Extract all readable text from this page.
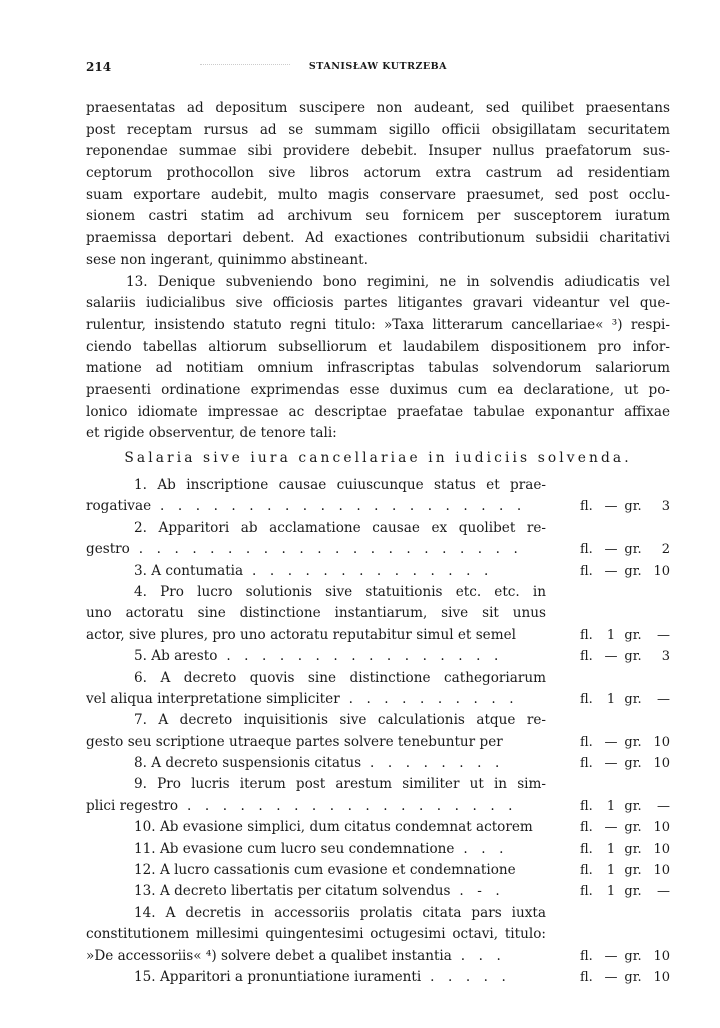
214	STANISŁAW KUTRZEBA
praesentatas ad depositum suscipere non audeant, sed quilibet praesentans
post receptam rursus ad se summam sigillo officii obsigillatam securitatem
reponendae summae sibi providere debebit. Insuper nullus praefatorum sus-
ceptorum prothocollon sive libros actorum extra castrum ad residentiam
suam exportare audebit, multo magis conservare praesumet, sed post occlu-
sionem castri statim ad archivum seu fornicem per susceptorem iuratum
praemissa deportari debent. Ad exactiones contributionum subsidii charitativi
sese non ingerant, quinimmo abstineant.
13. Denique subveniendo bono regimini, ne in solvendis adiudicatis vel
salariis iudicialibus sive officiosis partes litigantes gravari videantur vel que-
rulentur, insistendo statuto regni titulo: »Taxa litterarum cancellariae« ³) respi-
ciendo tabellas altiorum subselliorum et laudabilem dispositionem pro infor-
matione ad notitiam omnium infrascriptas tabulas solvendorum salariorum
praesenti ordinatione exprimendas esse duximus cum ea declaratione, ut po-
lonico idiomate impressae ac descriptae praefatae tabulae exponantur affixae
et rigide observentur, de tenore tali:
Salaria sive iura cancellariae in iudiciis solvenda.
1. Ab inscriptione causae cuiuscunque status et prae-
rogativae . . . . . . . . . . . . . . . . . . . . .	fl. — gr. 3
2. Apparitori ab acclamatione causae ex quolibet re-
gestro . . . . . . . . . . . . . . . . . . . . . .	fl. — gr. 2
3. A contumatia . . . . . . . . . . . . . .	fl. — gr. 10
4. Pro lucro solutionis sive statuitionis etc. etc. in
uno actoratu sine distinctione instantiarum, sive sit unus
actor, sive plures, pro uno actoratu reputabitur simul et semel	fl. 1 gr. —
5. Ab aresto . . . . . . . . . . . . . . . .	fl. — gr. 3
6. A decreto quovis sine distinctione cathegoriarum
vel aliqua interpretatione simpliciter . . . . . . . . . .	fl. 1 gr. —
7. A decreto inquisitionis sive calculationis atque re-
gesto seu scriptione utraeque partes solvere tenebuntur per	fl. — gr. 10
8. A decreto suspensionis citatus . . . . . . . .	fl. — gr. 10
9. Pro lucris iterum post arestum similiter ut in sim-
plici regestro . . . . . . . . . . . . . . . . . . .	fl. 1 gr. —
10. Ab evasione simplici, dum citatus condemnat actorem	fl. — gr. 10
11. Ab evasione cum lucro seu condemnatione . . .	fl. 1 gr. 10
12. A lucro cassationis cum evasione et condemnatione	fl. 1 gr. 10
13. A decreto libertatis per citatum solvendus . - .	fl. 1 gr. —
14. A decretis in accessoriis prolatis citata pars iuxta
constitutionem millesimi quingentesimi octugesimi octavi, titulo:
»De accessoriis« ⁴) solvere debet a qualibet instantia . . .	fl. — gr. 10
15. Apparitori a pronuntiatione iuramenti . . . . .	fl. — gr. 10
